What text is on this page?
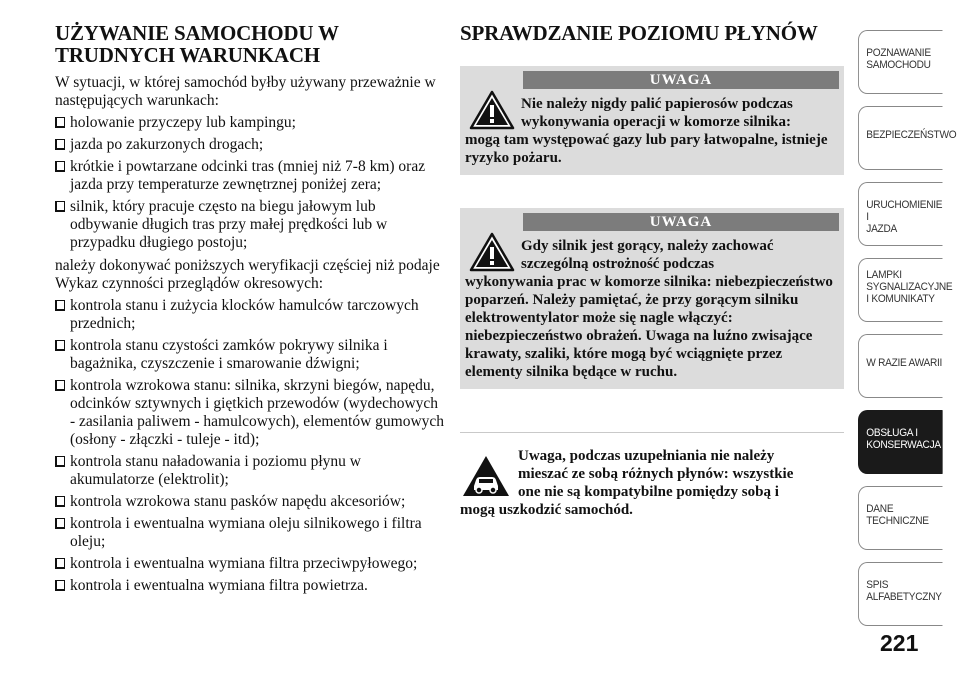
UŻYWANIE SAMOCHODU W
TRUDNYCH WARUNKACH

W sytuacji, w której samochód byłby używany przeważnie w następujących warunkach:

holowanie przyczepy lub kampingu;
jazda po zakurzonych drogach;
krótkie i powtarzane odcinki tras (mniej niż 7-8 km) oraz jazda przy temperaturze zewnętrznej poniżej zera;
silnik, który pracuje często na biegu jałowym lub odbywanie długich tras przy małej prędkości lub w przypadku długiego postoju;

należy dokonywać poniższych weryfikacji częściej niż podaje Wykaz czynności przeglądów okresowych:

kontrola stanu i zużycia klocków hamulców tarczowych przednich;
kontrola stanu czystości zamków pokrywy silnika i bagażnika, czyszczenie i smarowanie dźwigni;
kontrola wzrokowa stanu: silnika, skrzyni biegów, napędu, odcinków sztywnych i giętkich przewodów (wydechowych - zasilania paliwem - hamulcowych), elementów gumowych (osłony - złączki - tuleje - itd);
kontrola stanu naładowania i poziomu płynu w akumulatorze (elektrolit);
kontrola wzrokowa stanu pasków napędu akcesoriów;
kontrola i ewentualna wymiana oleju silnikowego i filtra oleju;
kontrola i ewentualna wymiana filtra przeciwpyłowego;
kontrola i ewentualna wymiana filtra powietrza.
SPRAWDZANIE POZIOMU PŁYNÓW
UWAGA
Nie należy nigdy palić papierosów podczas
wykonywania operacji w komorze silnika:
mogą tam występować gazy lub pary łatwopalne, istnieje ryzyko pożaru.
UWAGA
Gdy silnik jest gorący, należy zachować
szczególną ostrożność podczas
wykonywania prac w komorze silnika: niebezpieczeństwo poparzeń. Należy pamiętać, że przy gorącym silniku elektrowentylator może się nagle włączyć: niebezpieczeństwo obrażeń. Uwaga na luźno zwisające krawaty, szaliki, które mogą być wciągnięte przez elementy silnika będące w ruchu.
Uwaga, podczas uzupełniania nie należy
mieszać ze sobą różnych płynów: wszystkie
one nie są kompatybilne pomiędzy sobą i
mogą uszkodzić samochód.
POZNAWANIE
SAMOCHODU
BEZPIECZEŃSTWO
URUCHOMIENIE I
JAZDA
LAMPKI
SYGNALIZACYJNE
I KOMUNIKATY
W RAZIE AWARII
OBSŁUGA I
KONSERWACJA
DANE
TECHNICZNE
SPIS
ALFABETYCZNY
221
